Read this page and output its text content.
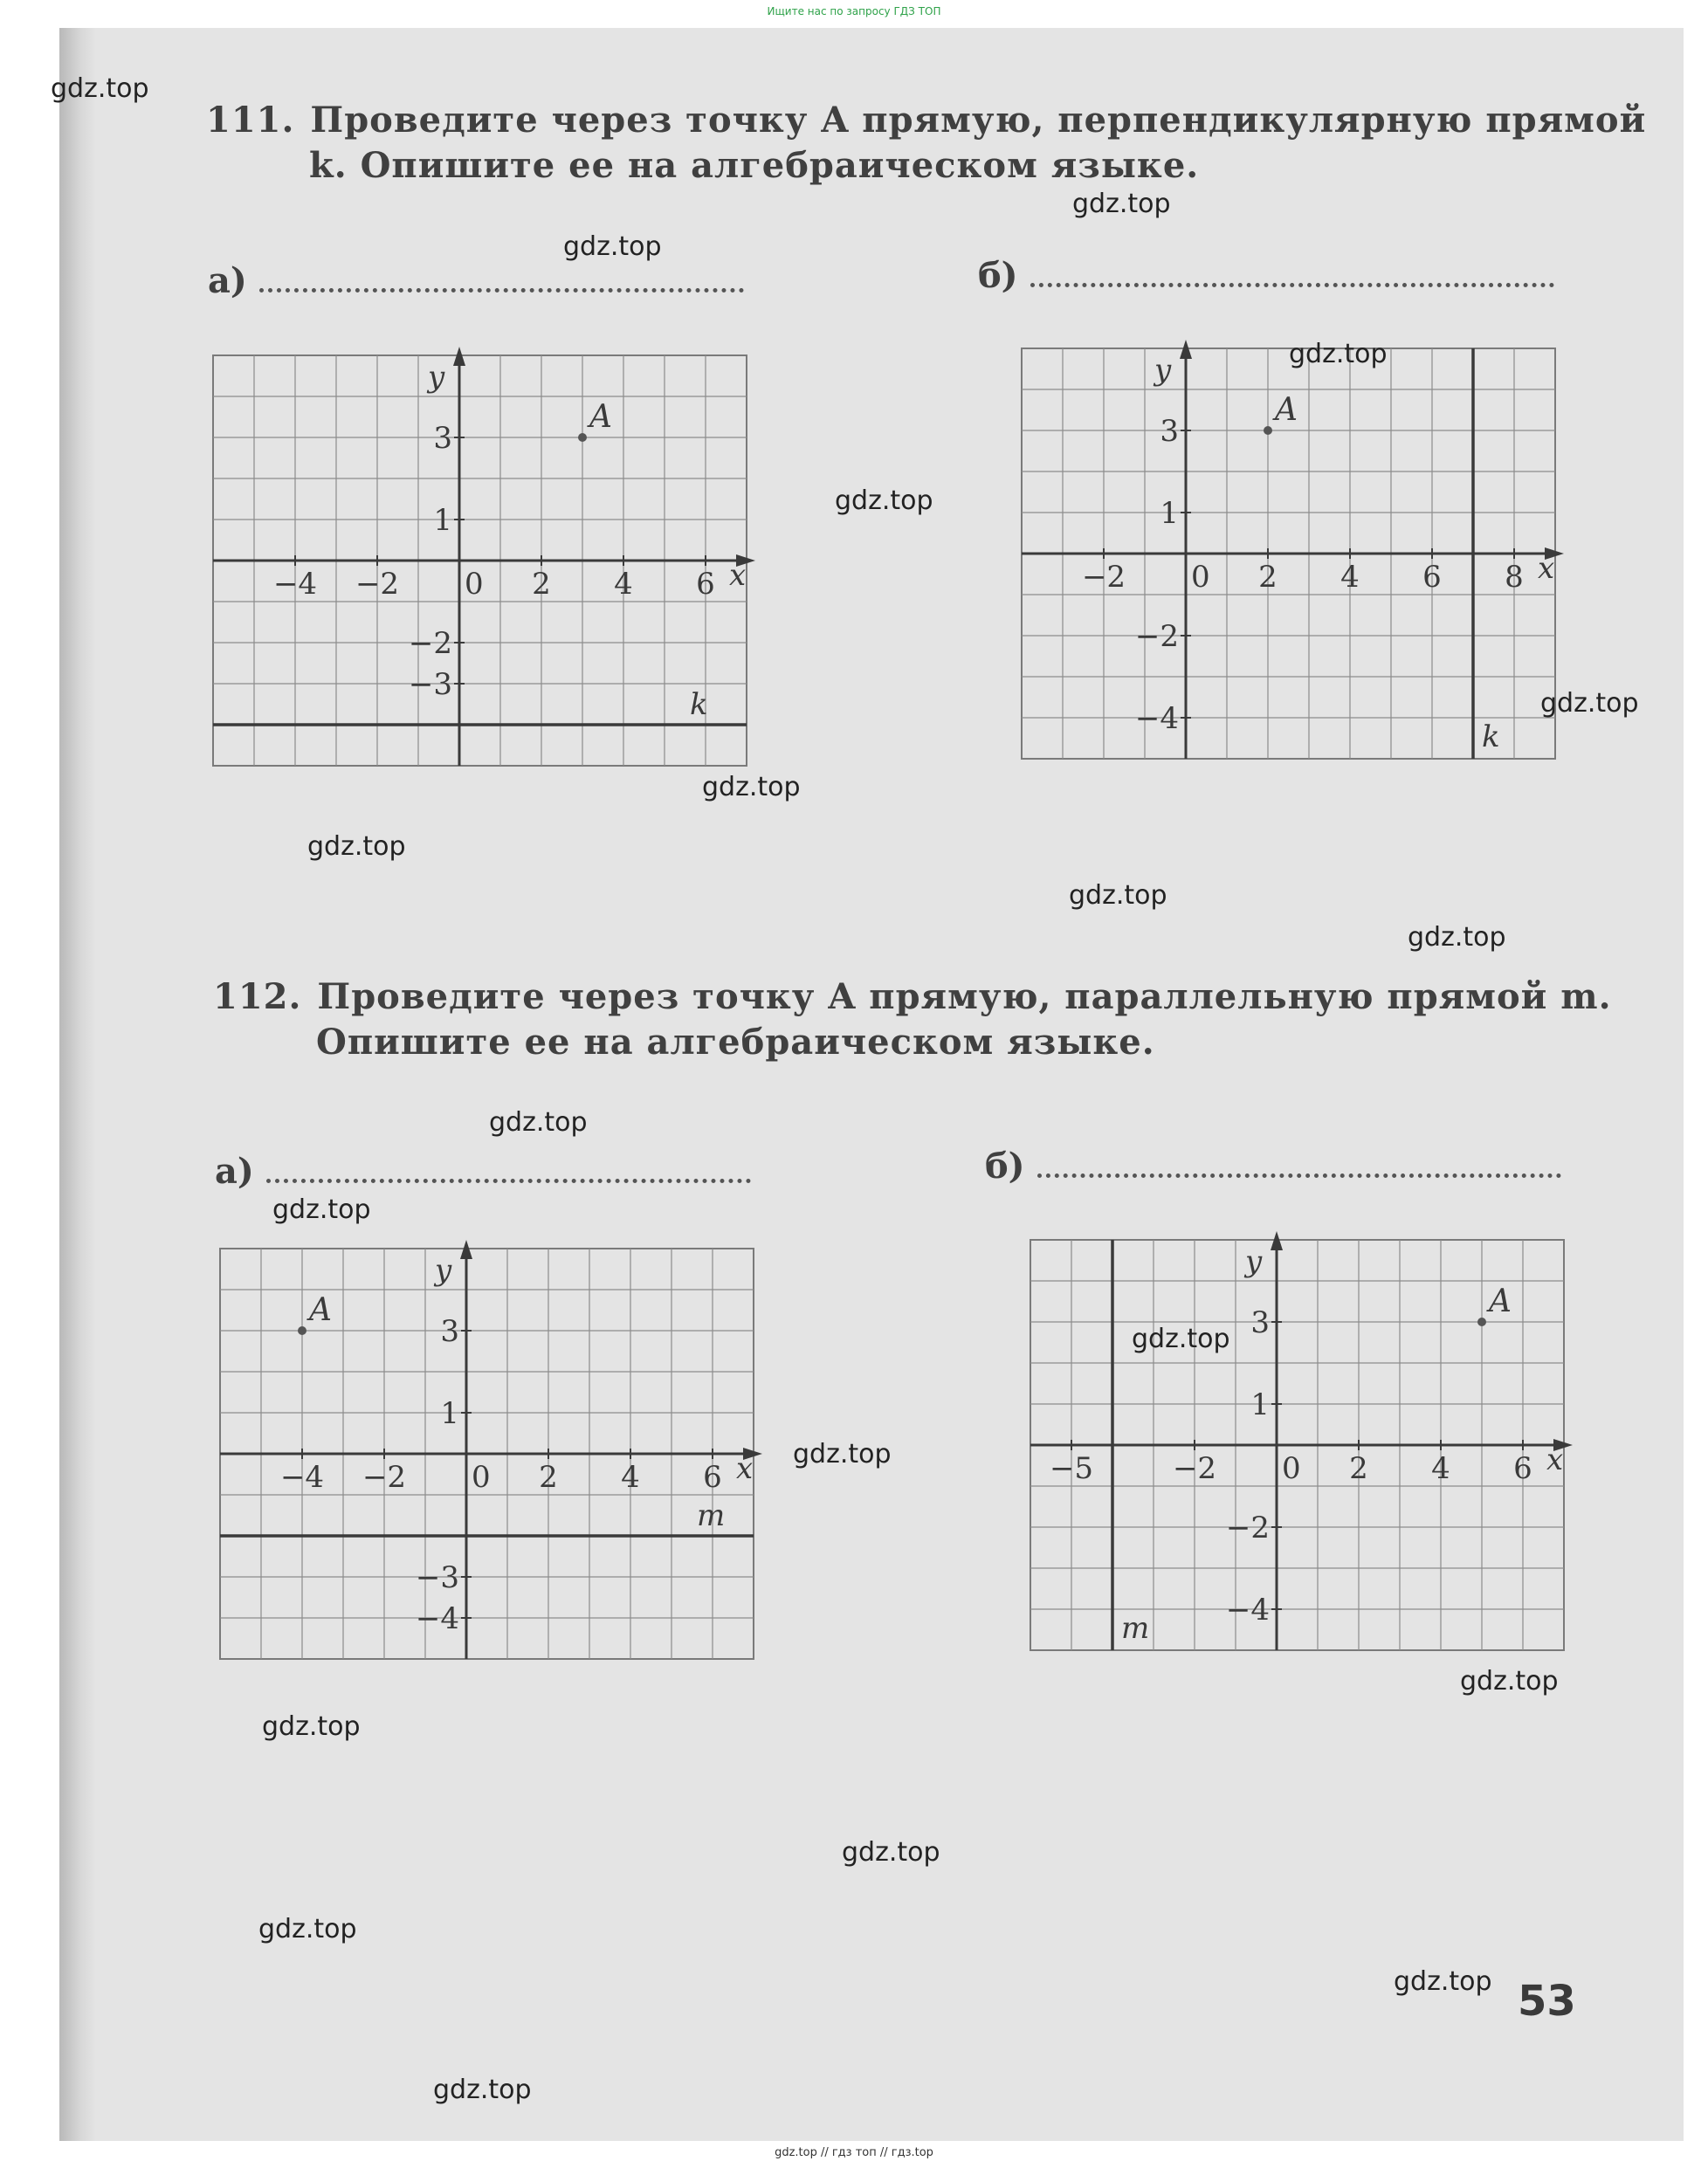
Ищите нас по запросу ГДЗ ТОП
111. Проведите через точку A прямую, перпендикулярную прямой
k. Опишите ее на алгебраическом языке.
а)	б)
x
y
0
−4 −2	2 4 6
3
1
−2
−3
k
A
x
y
0
−2	2 4 6 8
3
1
−2
−4
k
A
112. Проведите через точку A прямую, параллельную прямой m.
Опишите ее на алгебраическом языке.
а)	б)
x
y
0
−4 −2	2 4 6
3
1
−3
−4
m
A
x
y
0
−5	−2	2 4 6
3
1
−2
−4
m
A
gdz.top
gdz.top
gdz.top
gdz.top
gdz.top
gdz.top
gdz.top
gdz.top
gdz.top
gdz.top
gdz.top
gdz.top
gdz.top
gdz.top
gdz.top
gdz.top
gdz.top
gdz.top
gdz.top
gdz.top
53
gdz.top // гдз топ // гдз.top
